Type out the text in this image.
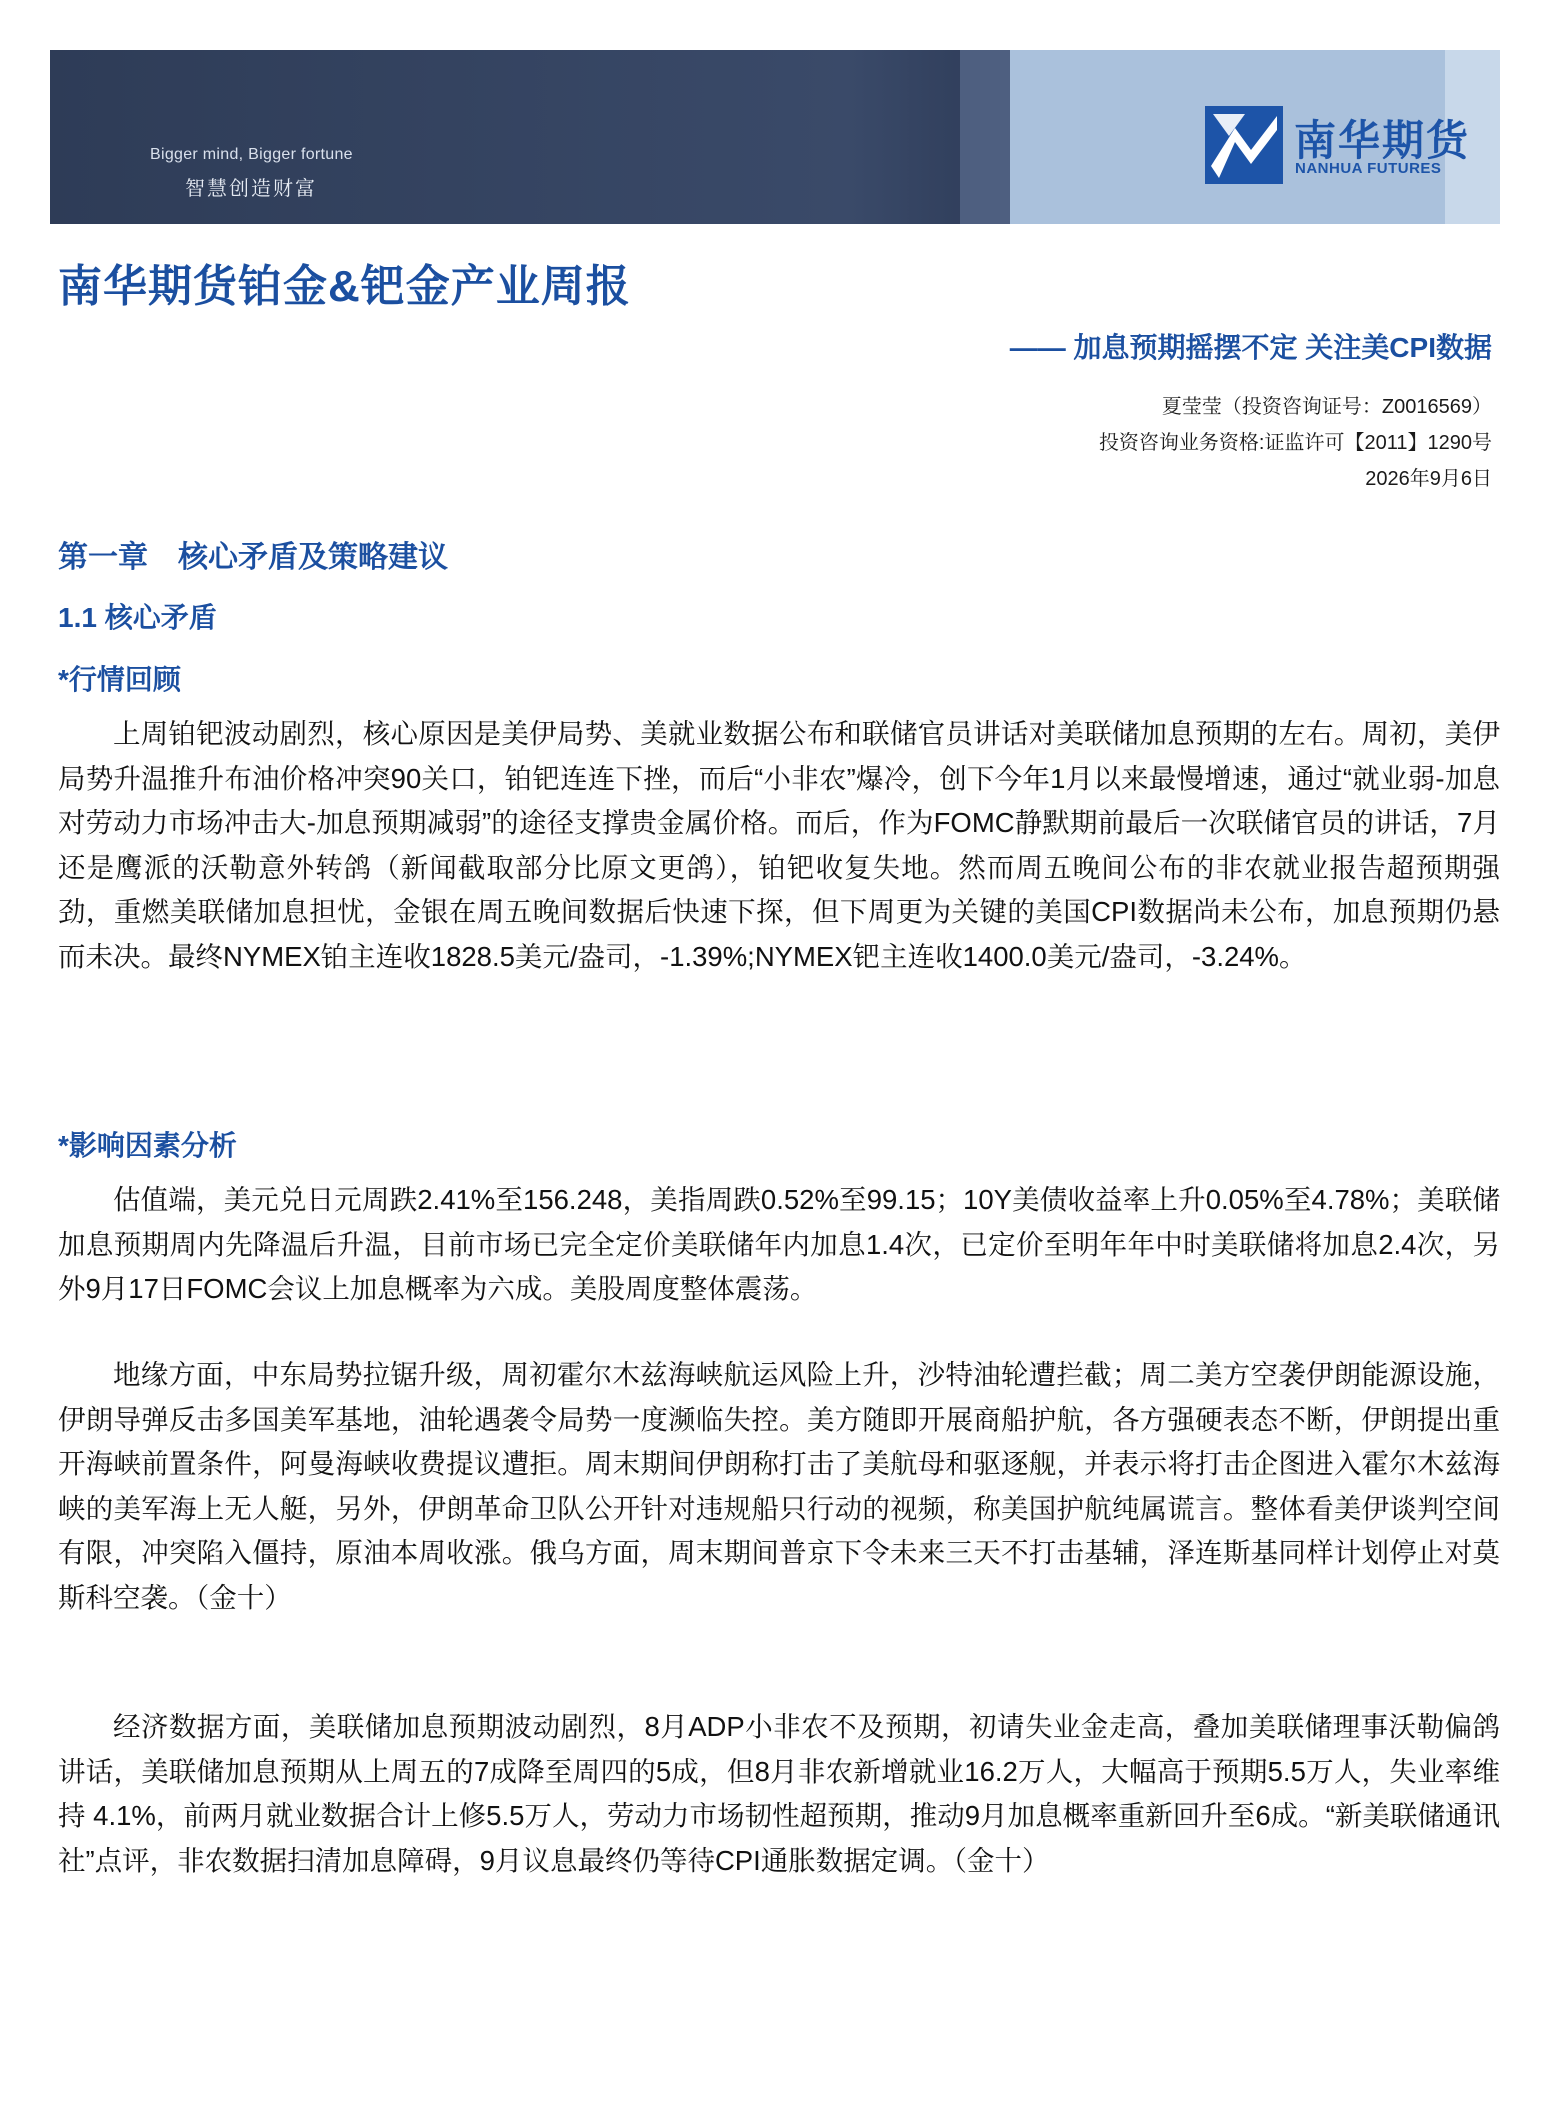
Bigger mind, Bigger fortune
智慧创造财富
南华期货
NANHUA FUTURES
南华期货铂金&钯金产业周报
—— 加息预期摇摆不定 关注美CPI数据
夏莹莹（投资咨询证号：Z0016569）
投资咨询业务资格:证监许可【2011】1290号
2026年9月6日
第一章 核心矛盾及策略建议
1.1 核心矛盾
*行情回顾
上周铂钯波动剧烈，核心原因是美伊局势、美就业数据公布和联储官员讲话对美联储加息预期的左右。周初，美伊局势升温推升布油价格冲突90关口，铂钯连连下挫，而后“小非农”爆冷，创下今年1月以来最慢增速，通过“就业弱-加息对劳动力市场冲击大-加息预期减弱”的途径支撑贵金属价格。而后，作为FOMC静默期前最后一次联储官员的讲话，7月还是鹰派的沃勒意外转鸽（新闻截取部分比原文更鸽），铂钯收复失地。然而周五晚间公布的非农就业报告超预期强劲，重燃美联储加息担忧，金银在周五晚间数据后快速下探，但下周更为关键的美国CPI数据尚未公布，加息预期仍悬而未决。最终NYMEX铂主连收1828.5美元/盎司，-1.39%;NYMEX钯主连收1400.0美元/盎司，-3.24%。
*影响因素分析
估值端，美元兑日元周跌2.41%至156.248，美指周跌0.52%至99.15；10Y美债收益率上升0.05%至4.78%；美联储加息预期周内先降温后升温，目前市场已完全定价美联储年内加息1.4次，已定价至明年年中时美联储将加息2.4次，另外9月17日FOMC会议上加息概率为六成。美股周度整体震荡。
地缘方面，中东局势拉锯升级，周初霍尔木兹海峡航运风险上升，沙特油轮遭拦截；周二美方空袭伊朗能源设施，伊朗导弹反击多国美军基地，油轮遇袭令局势一度濒临失控。美方随即开展商船护航，各方强硬表态不断，伊朗提出重开海峡前置条件，阿曼海峡收费提议遭拒。周末期间伊朗称打击了美航母和驱逐舰，并表示将打击企图进入霍尔木兹海峡的美军海上无人艇，另外，伊朗革命卫队公开针对违规船只行动的视频，称美国护航纯属谎言。整体看美伊谈判空间有限，冲突陷入僵持，原油本周收涨。俄乌方面，周末期间普京下令未来三天不打击基辅，泽连斯基同样计划停止对莫斯科空袭。（金十）
经济数据方面，美联储加息预期波动剧烈，8月ADP小非农不及预期，初请失业金走高，叠加美联储理事沃勒偏鸽讲话，美联储加息预期从上周五的7成降至周四的5成，但8月非农新增就业16.2万人，大幅高于预期5.5万人，失业率维持 4.1%，前两月就业数据合计上修5.5万人，劳动力市场韧性超预期，推动9月加息概率重新回升至6成。“新美联储通讯社”点评，非农数据扫清加息障碍，9月议息最终仍等待CPI通胀数据定调。（金十）
